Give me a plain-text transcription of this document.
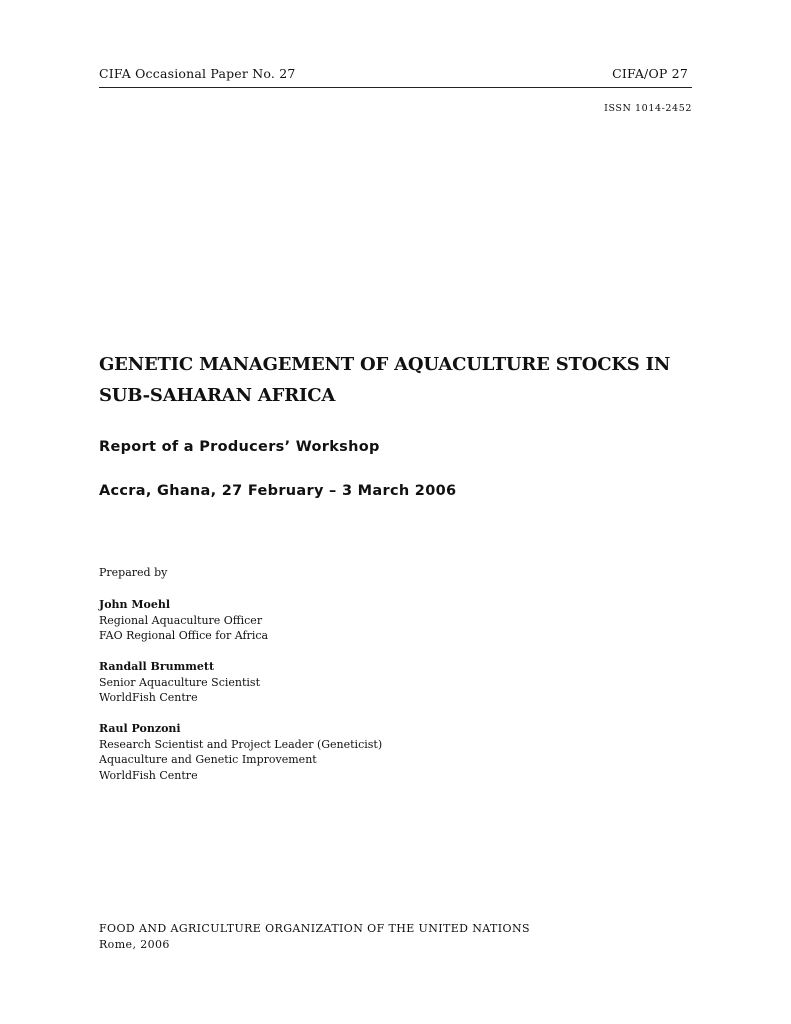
CIFA Occasional Paper No. 27	CIFA/OP 27
ISSN 1014-2452
GENETIC MANAGEMENT OF AQUACULTURE STOCKS IN
SUB-SAHARAN AFRICA
Report of a Producers’ Workshop
Accra, Ghana, 27 February – 3 March 2006
Prepared by
John Moehl
Regional Aquaculture Officer
FAO Regional Office for Africa
Randall Brummett
Senior Aquaculture Scientist
WorldFish Centre
Raul Ponzoni
Research Scientist and Project Leader (Geneticist)
Aquaculture and Genetic Improvement
WorldFish Centre
FOOD AND AGRICULTURE ORGANIZATION OF THE UNITED NATIONS
Rome, 2006
